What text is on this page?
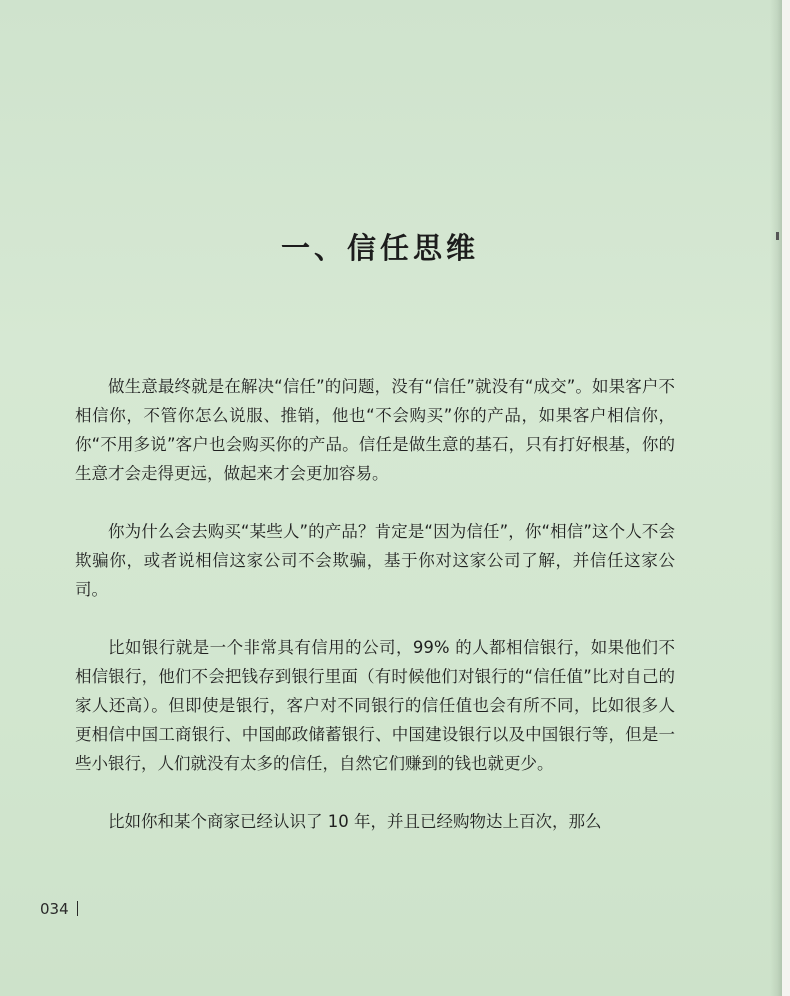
一、信任思维

做生意最终就是在解决“信任”的问题，没有“信任”就没有“成交”。如果客户不相信你，不管你怎么说服、推销，他也“不会购买”你的产品，如果客户相信你，你“不用多说”客户也会购买你的产品。信任是做生意的基石，只有打好根基，你的生意才会走得更远，做起来才会更加容易。

你为什么会去购买“某些人”的产品？肯定是“因为信任”，你“相信”这个人不会欺骗你，或者说相信这家公司不会欺骗，基于你对这家公司了解，并信任这家公司。

比如银行就是一个非常具有信用的公司，99% 的人都相信银行，如果他们不相信银行，他们不会把钱存到银行里面（有时候他们对银行的“信任值”比对自己的家人还高）。但即使是银行，客户对不同银行的信任值也会有所不同，比如很多人更相信中国工商银行、中国邮政储蓄银行、中国建设银行以及中国银行等，但是一些小银行，人们就没有太多的信任，自然它们赚到的钱也就更少。

比如你和某个商家已经认识了 10 年，并且已经购物达上百次，那么

034
